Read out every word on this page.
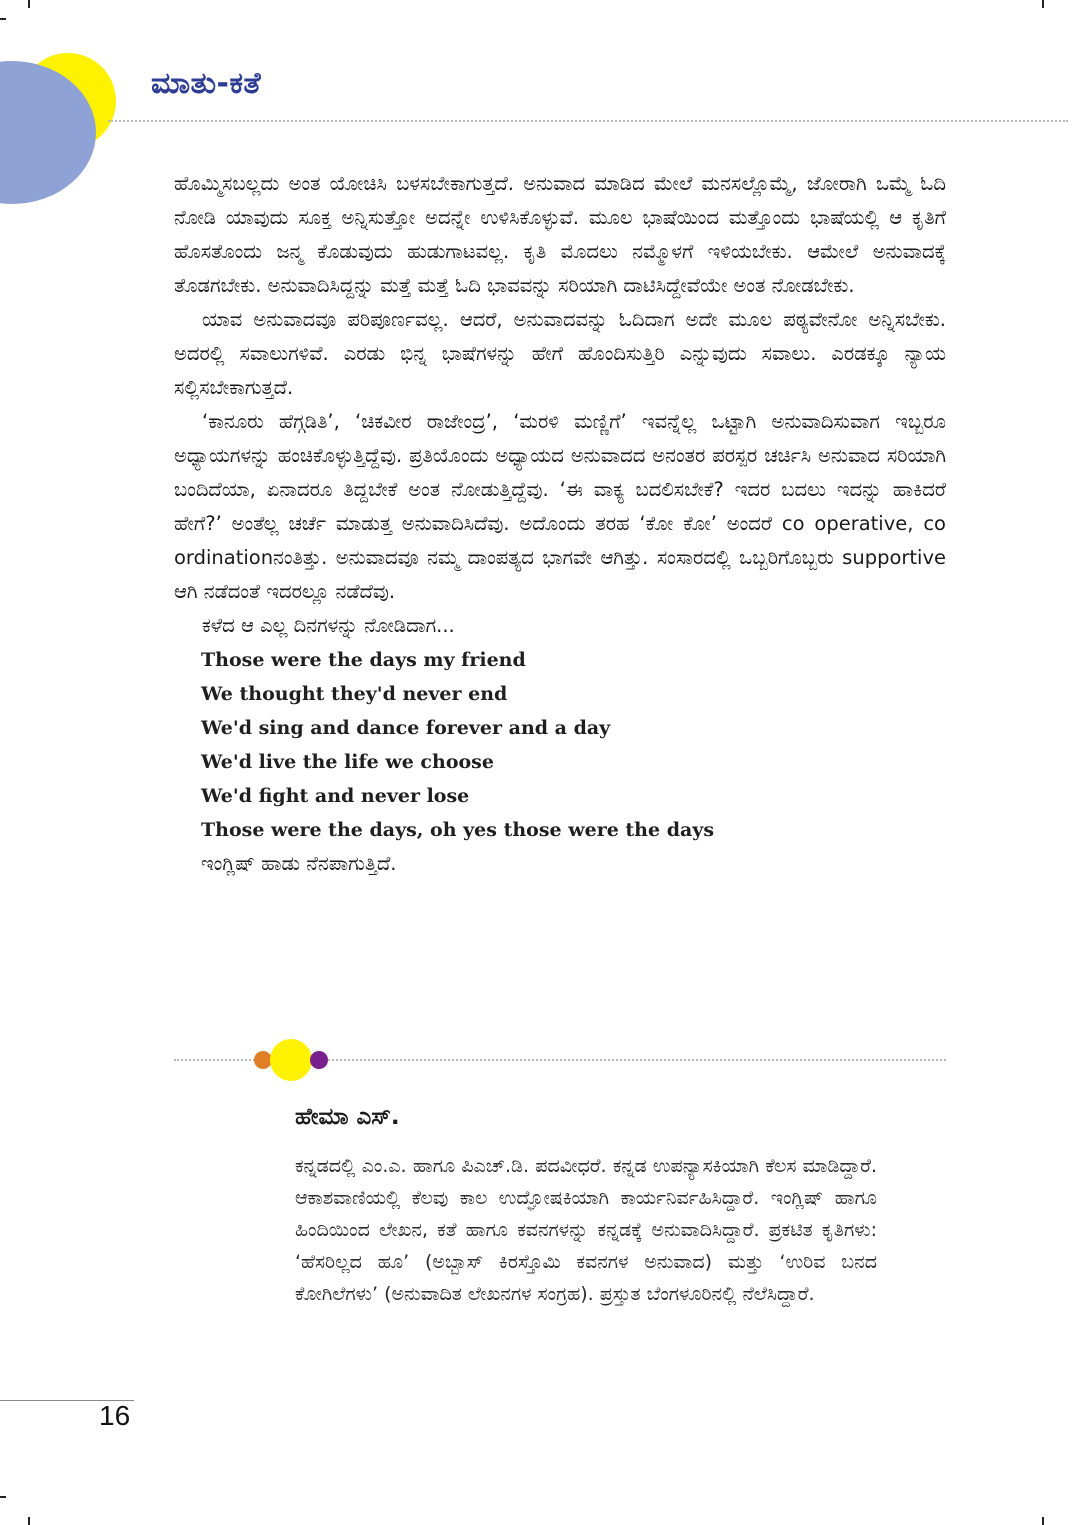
ಮಾತು-ಕತೆ

ಹೊಮ್ಮಿಸಬಲ್ಲದು ಅಂತ ಯೋಚಿಸಿ ಬಳಸಬೇಕಾಗುತ್ತದೆ. ಅನುವಾದ ಮಾಡಿದ ಮೇಲೆ ಮನಸಲ್ಲೊಮ್ಮೆ, ಜೋರಾಗಿ ಒಮ್ಮೆ ಓದಿ ನೋಡಿ ಯಾವುದು ಸೂಕ್ತ ಅನ್ನಿಸುತ್ತೋ ಅದನ್ನೇ ಉಳಿಸಿಕೊಳ್ಳುವೆ. ಮೂಲ ಭಾಷೆಯಿಂದ ಮತ್ತೊಂದು ಭಾಷೆಯಲ್ಲಿ ಆ ಕೃತಿಗೆ ಹೊಸತೊಂದು ಜನ್ಮ ಕೊಡುವುದು ಹುಡುಗಾಟವಲ್ಲ. ಕೃತಿ ಮೊದಲು ನಮ್ಮೊಳಗೆ ಇಳಿಯಬೇಕು. ಆಮೇಲೆ ಅನುವಾದಕ್ಕೆ ತೊಡಗಬೇಕು. ಅನುವಾದಿಸಿದ್ದನ್ನು ಮತ್ತೆ ಮತ್ತೆ ಓದಿ ಭಾವವನ್ನು ಸರಿಯಾಗಿ ದಾಟಿಸಿದ್ದೇವೆಯೇ ಅಂತ ನೋಡಬೇಕು.

ಯಾವ ಅನುವಾದವೂ ಪರಿಪೂರ್ಣವಲ್ಲ. ಆದರೆ, ಅನುವಾದವನ್ನು ಓದಿದಾಗ ಅದೇ ಮೂಲ ಪಠ್ಯವೇನೋ ಅನ್ನಿಸಬೇಕು. ಅದರಲ್ಲಿ ಸವಾಲುಗಳಿವೆ. ಎರಡು ಭಿನ್ನ ಭಾಷೆಗಳನ್ನು ಹೇಗೆ ಹೊಂದಿಸುತ್ತಿರಿ ಎನ್ನುವುದು ಸವಾಲು. ಎರಡಕ್ಕೂ ನ್ಯಾಯ ಸಲ್ಲಿಸಬೇಕಾಗುತ್ತದೆ.

‘ಕಾನೂರು ಹೆಗ್ಗಡಿತಿ’, ‘ಚಿಕವೀರ ರಾಜೇಂದ್ರ’, ‘ಮರಳಿ ಮಣ್ಣಿಗೆ’ ಇವನ್ನೆಲ್ಲ ಒಟ್ಟಾಗಿ ಅನುವಾದಿಸುವಾಗ ಇಬ್ಬರೂ ಅಧ್ಯಾಯಗಳನ್ನು ಹಂಚಿಕೊಳ್ಳುತ್ತಿದ್ದೆವು. ಪ್ರತಿಯೊಂದು ಅಧ್ಯಾಯದ ಅನುವಾದದ ಅನಂತರ ಪರಸ್ಪರ ಚರ್ಚಿಸಿ ಅನುವಾದ ಸರಿಯಾಗಿ ಬಂದಿದೆಯಾ, ಏನಾದರೂ ತಿದ್ದಬೇಕೆ ಅಂತ ನೋಡುತ್ತಿದ್ದೆವು. ‘ಈ ವಾಕ್ಯ ಬದಲಿಸಬೇಕೆ? ಇದರ ಬದಲು ಇದನ್ನು ಹಾಕಿದರೆ ಹೇಗೆ?’ ಅಂತೆಲ್ಲ ಚರ್ಚೆ ಮಾಡುತ್ತ ಅನುವಾದಿಸಿದೆವು. ಅದೊಂದು ತರಹ ‘ಕೋ ಕೋ’ ಅಂದರೆ co operative, co ordinationನಂತಿತ್ತು. ಅನುವಾದವೂ ನಮ್ಮ ದಾಂಪತ್ಯದ ಭಾಗವೇ ಆಗಿತ್ತು. ಸಂಸಾರದಲ್ಲಿ ಒಬ್ಬರಿಗೊಬ್ಬರು supportive ಆಗಿ ನಡೆದಂತೆ ಇದರಲ್ಲೂ ನಡೆದೆವು.

ಕಳೆದ ಆ ಎಲ್ಲ ದಿನಗಳನ್ನು ನೋಡಿದಾಗ...

Those were the days my friend
We thought they'd never end
We'd sing and dance forever and a day
We'd live the life we choose
We'd fight and never lose
Those were the days, oh yes those were the days

ಇಂಗ್ಲಿಷ್ ಹಾಡು ನೆನಪಾಗುತ್ತಿದೆ.

ಹೇಮಾ ಎಸ್.

ಕನ್ನಡದಲ್ಲಿ ಎಂ.ಎ. ಹಾಗೂ ಪಿಎಚ್.ಡಿ. ಪದವೀಧರೆ. ಕನ್ನಡ ಉಪನ್ಯಾಸಕಿಯಾಗಿ ಕೆಲಸ ಮಾಡಿದ್ದಾರೆ. ಆಕಾಶವಾಣಿಯಲ್ಲಿ ಕೆಲವು ಕಾಲ ಉದ್ಘೋಷಕಿಯಾಗಿ ಕಾರ್ಯನಿರ್ವಹಿಸಿದ್ದಾರೆ. ಇಂಗ್ಲಿಷ್ ಹಾಗೂ ಹಿಂದಿಯಿಂದ ಲೇಖನ, ಕತೆ ಹಾಗೂ ಕವನಗಳನ್ನು ಕನ್ನಡಕ್ಕೆ ಅನುವಾದಿಸಿದ್ದಾರೆ. ಪ್ರಕಟಿತ ಕೃತಿಗಳು: ‘ಹೆಸರಿಲ್ಲದ ಹೂ’ (ಅಬ್ಬಾಸ್ ಕಿರಸ್ತೊಮಿ ಕವನಗಳ ಅನುವಾದ) ಮತ್ತು ‘ಉರಿವ ಬನದ ಕೋಗಿಲೆಗಳು’ (ಅನುವಾದಿತ ಲೇಖನಗಳ ಸಂಗ್ರಹ). ಪ್ರಸ್ತುತ ಬೆಂಗಳೂರಿನಲ್ಲಿ ನೆಲೆಸಿದ್ದಾರೆ.

16
